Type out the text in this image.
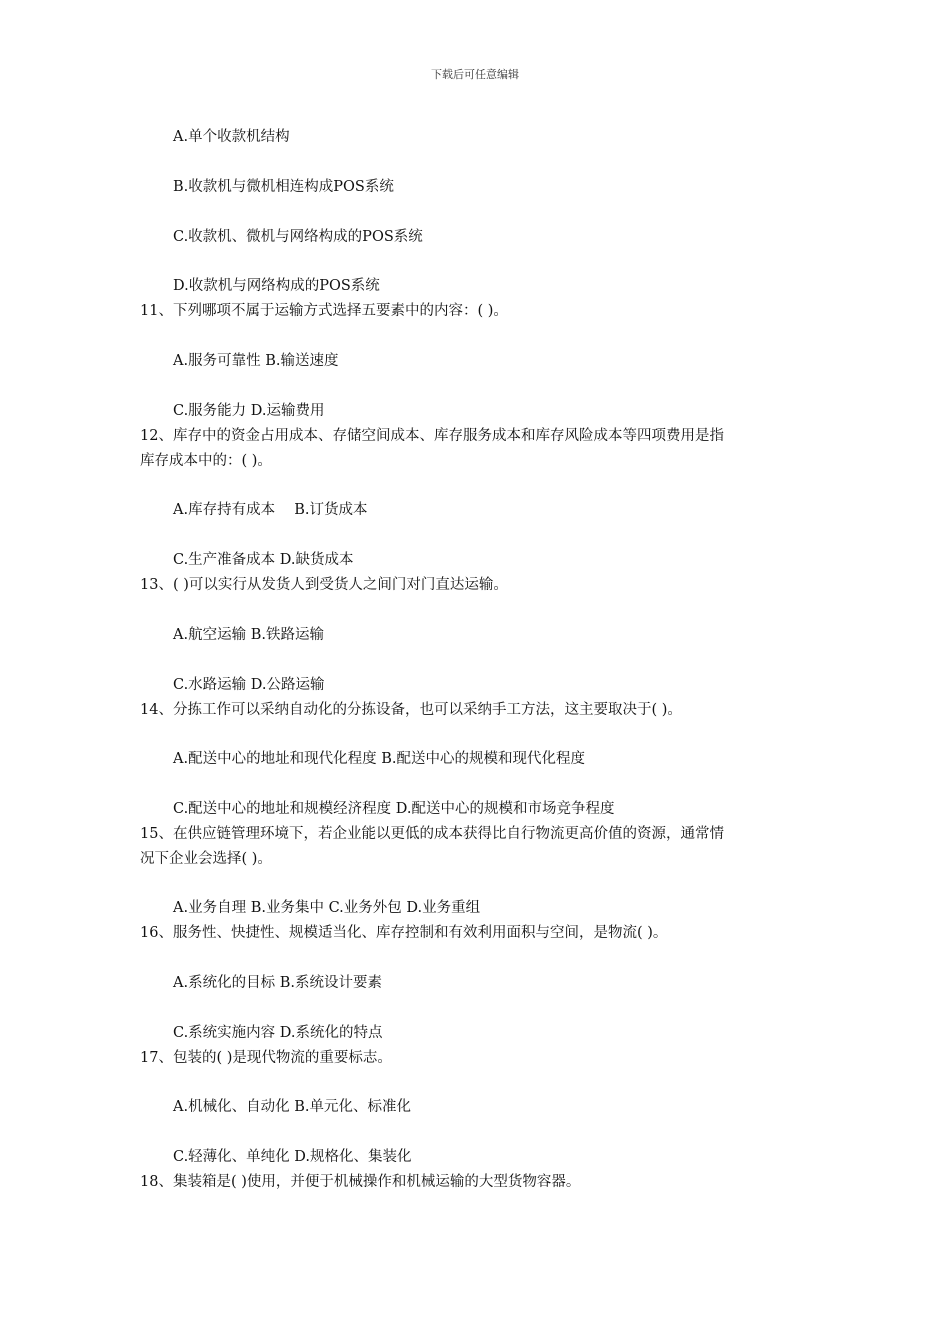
下载后可任意编辑
A.单个收款机结构
B.收款机与微机相连构成POS系统
C.收款机、微机与网络构成的POS系统
D.收款机与网络构成的POS系统
11、下列哪项不属于运输方式选择五要素中的内容：( )。
A.服务可靠性 B.输送速度
C.服务能力 D.运输费用
12、库存中的资金占用成本、存储空间成本、库存服务成本和库存风险成本等四项费用是指
库存成本中的：( )。
A.库存持有成本　 B.订货成本
C.生产准备成本 D.缺货成本
13、( )可以实行从发货人到受货人之间门对门直达运输。
A.航空运输 B.铁路运输
C.水路运输 D.公路运输
14、分拣工作可以采纳自动化的分拣设备，也可以采纳手工方法，这主要取决于( )。
A.配送中心的地址和现代化程度 B.配送中心的规模和现代化程度
C.配送中心的地址和规模经济程度 D.配送中心的规模和市场竞争程度
15、在供应链管理环境下，若企业能以更低的成本获得比自行物流更高价值的资源，通常情
况下企业会选择( )。
A.业务自理 B.业务集中 C.业务外包 D.业务重组
16、服务性、快捷性、规模适当化、库存控制和有效利用面积与空间，是物流( )。
A.系统化的目标 B.系统设计要素
C.系统实施内容 D.系统化的特点
17、包装的( )是现代物流的重要标志。
A.机械化、自动化 B.单元化、标准化
C.轻薄化、单纯化 D.规格化、集装化
18、集装箱是( )使用，并便于机械操作和机械运输的大型货物容器。
